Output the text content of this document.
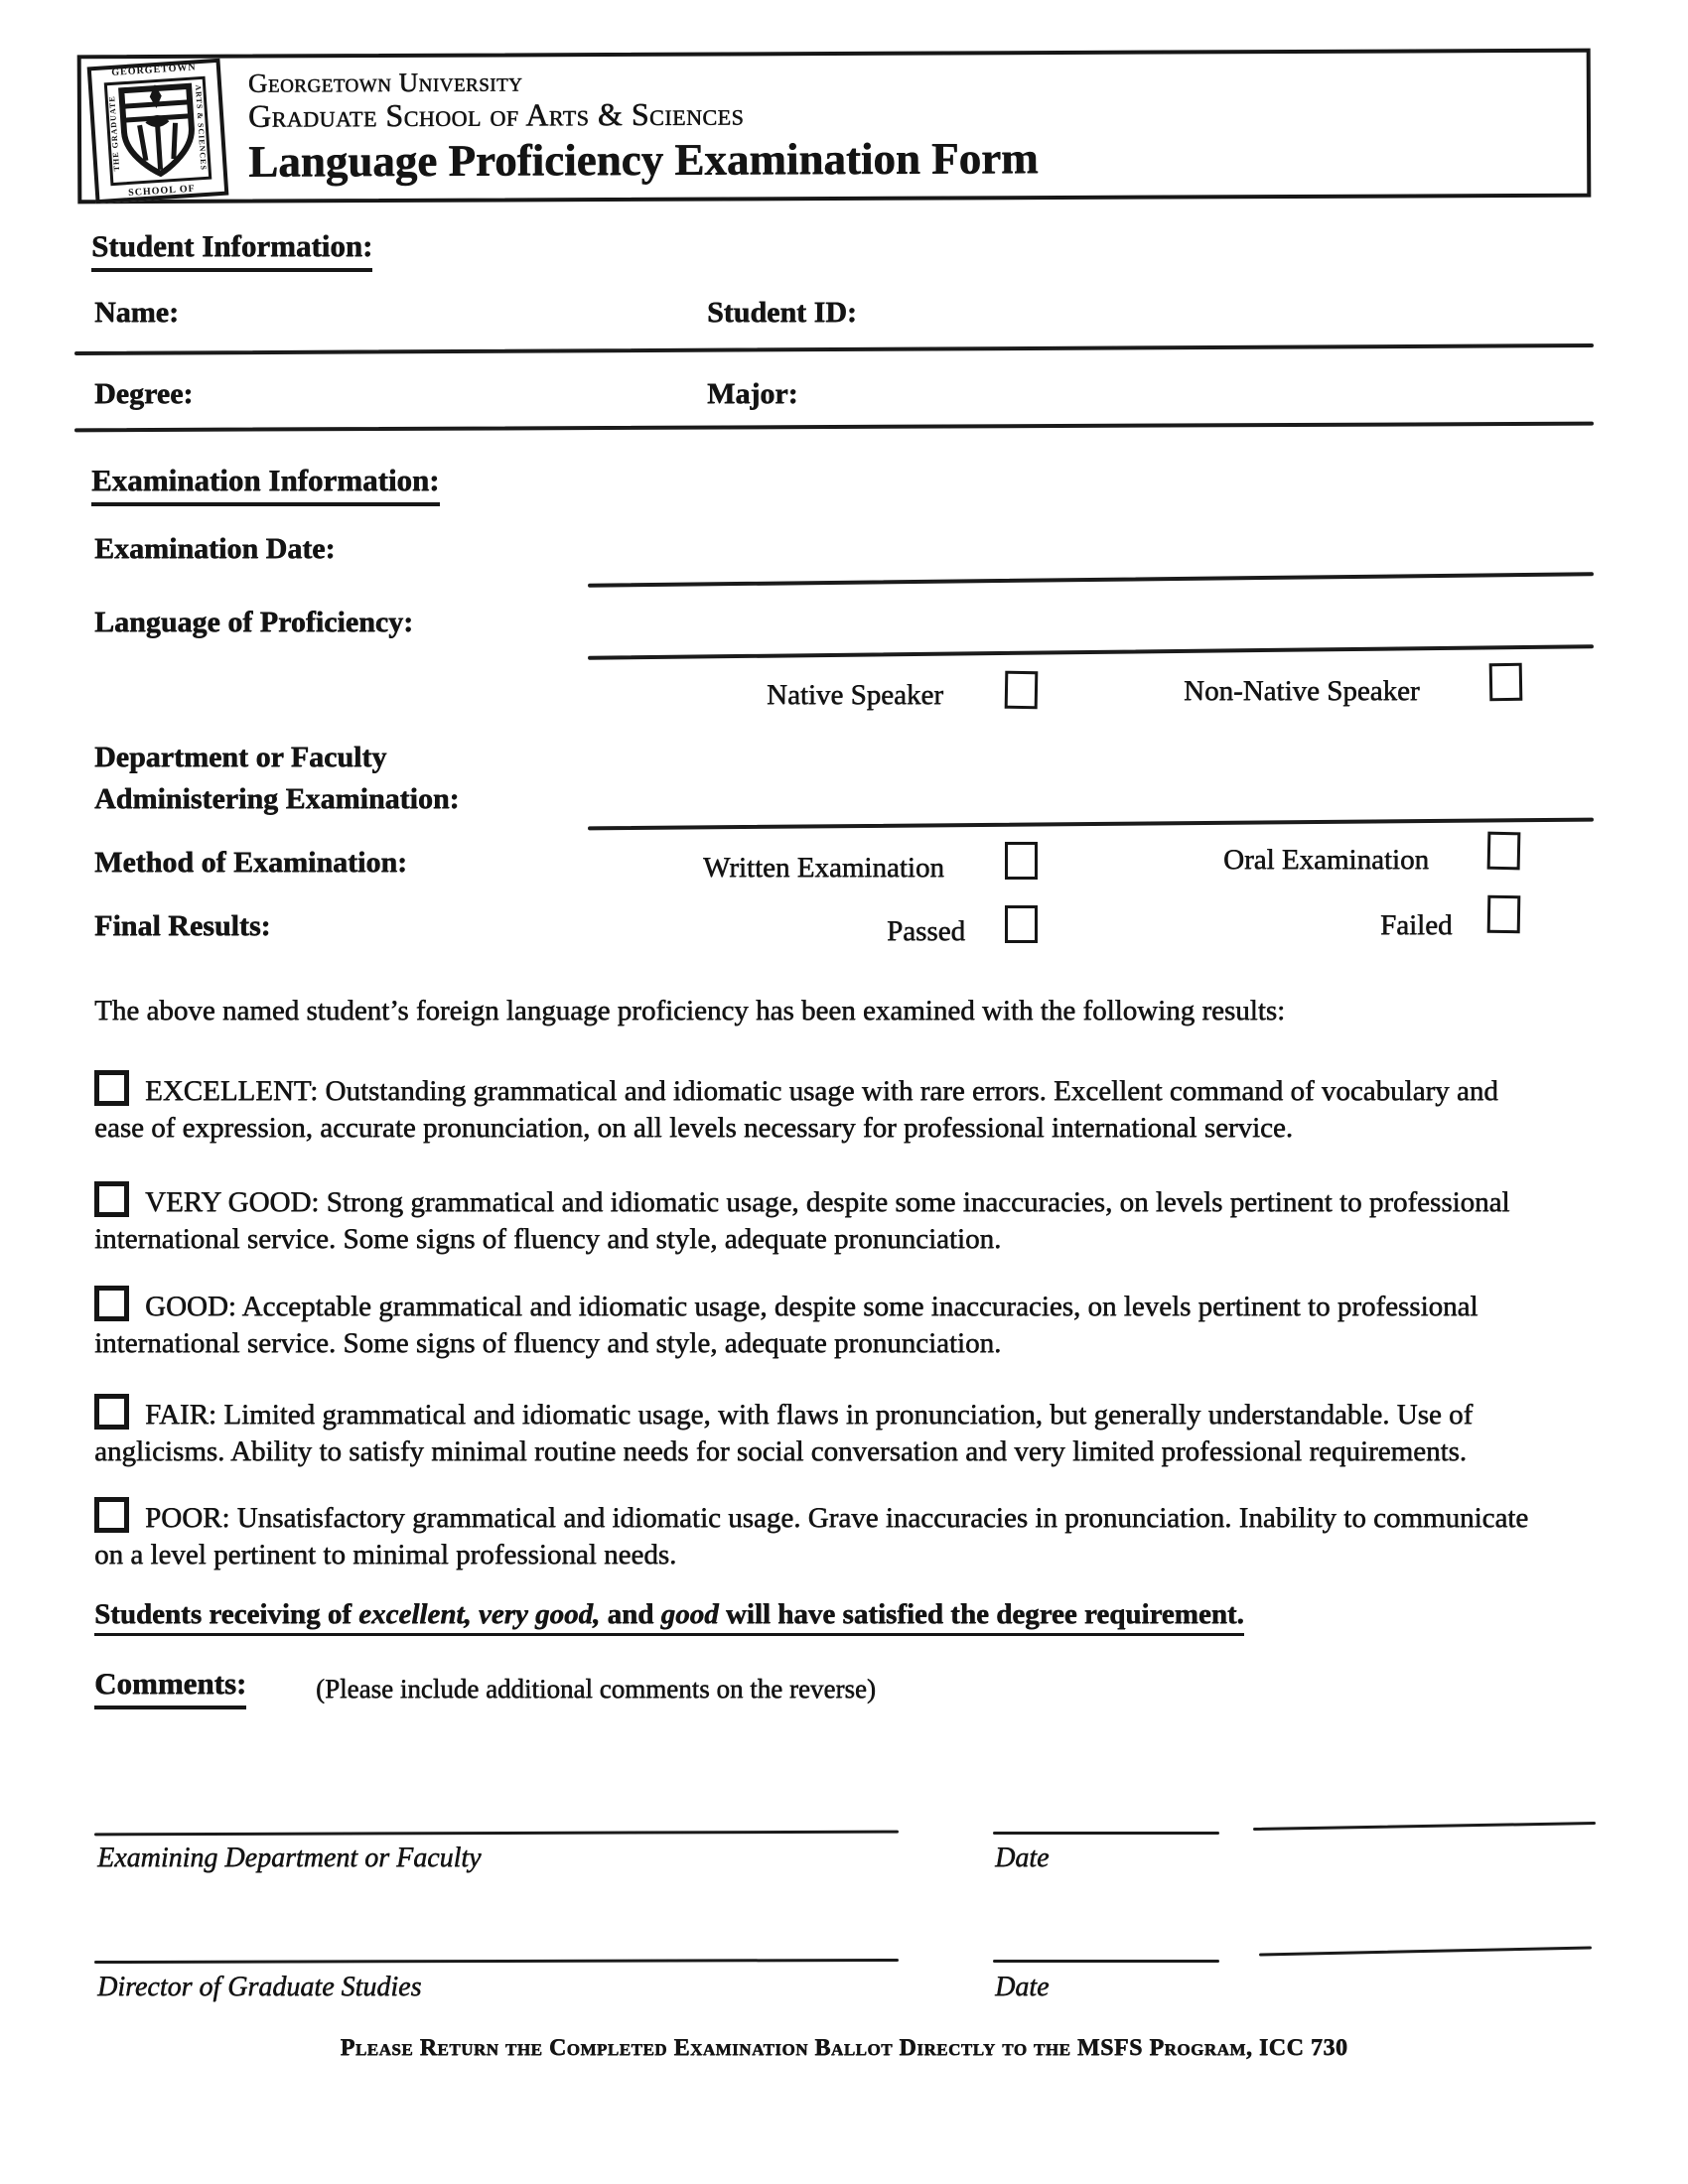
GEORGETOWN
THE GRADUATE
SCHOOL OF
ARTS & SCIENCES
Georgetown University
Graduate School of Arts & Sciences
Language Proficiency Examination Form
Student Information:
Name:	Student ID:
Degree:	Major:
Examination Information:
Examination Date:
Language of Proficiency:
Native Speaker	Non-Native Speaker
Department or Faculty
Administering Examination:
Method of Examination:	Written Examination	Oral Examination
Final Results:	Passed	Failed
The above named student’s foreign language proficiency has been examined with the following results:
EXCELLENT: Outstanding grammatical and idiomatic usage with rare errors. Excellent command of vocabulary and ease of expression, accurate pronunciation, on all levels necessary for professional international service.
VERY GOOD: Strong grammatical and idiomatic usage, despite some inaccuracies, on levels pertinent to professional international service. Some signs of fluency and style, adequate pronunciation.
GOOD: Acceptable grammatical and idiomatic usage, despite some inaccuracies, on levels pertinent to professional international service. Some signs of fluency and style, adequate pronunciation.
FAIR: Limited grammatical and idiomatic usage, with flaws in pronunciation, but generally understandable. Use of anglicisms. Ability to satisfy minimal routine needs for social conversation and very limited professional requirements.
POOR: Unsatisfactory grammatical and idiomatic usage. Grave inaccuracies in pronunciation. Inability to communicate on a level pertinent to minimal professional needs.
Students receiving of excellent, very good, and good will have satisfied the degree requirement.
Comments:	(Please include additional comments on the reverse)
Examining Department or Faculty	Date
Director of Graduate Studies	Date
Please Return the Completed Examination Ballot Directly to the MSFS Program, ICC 730
